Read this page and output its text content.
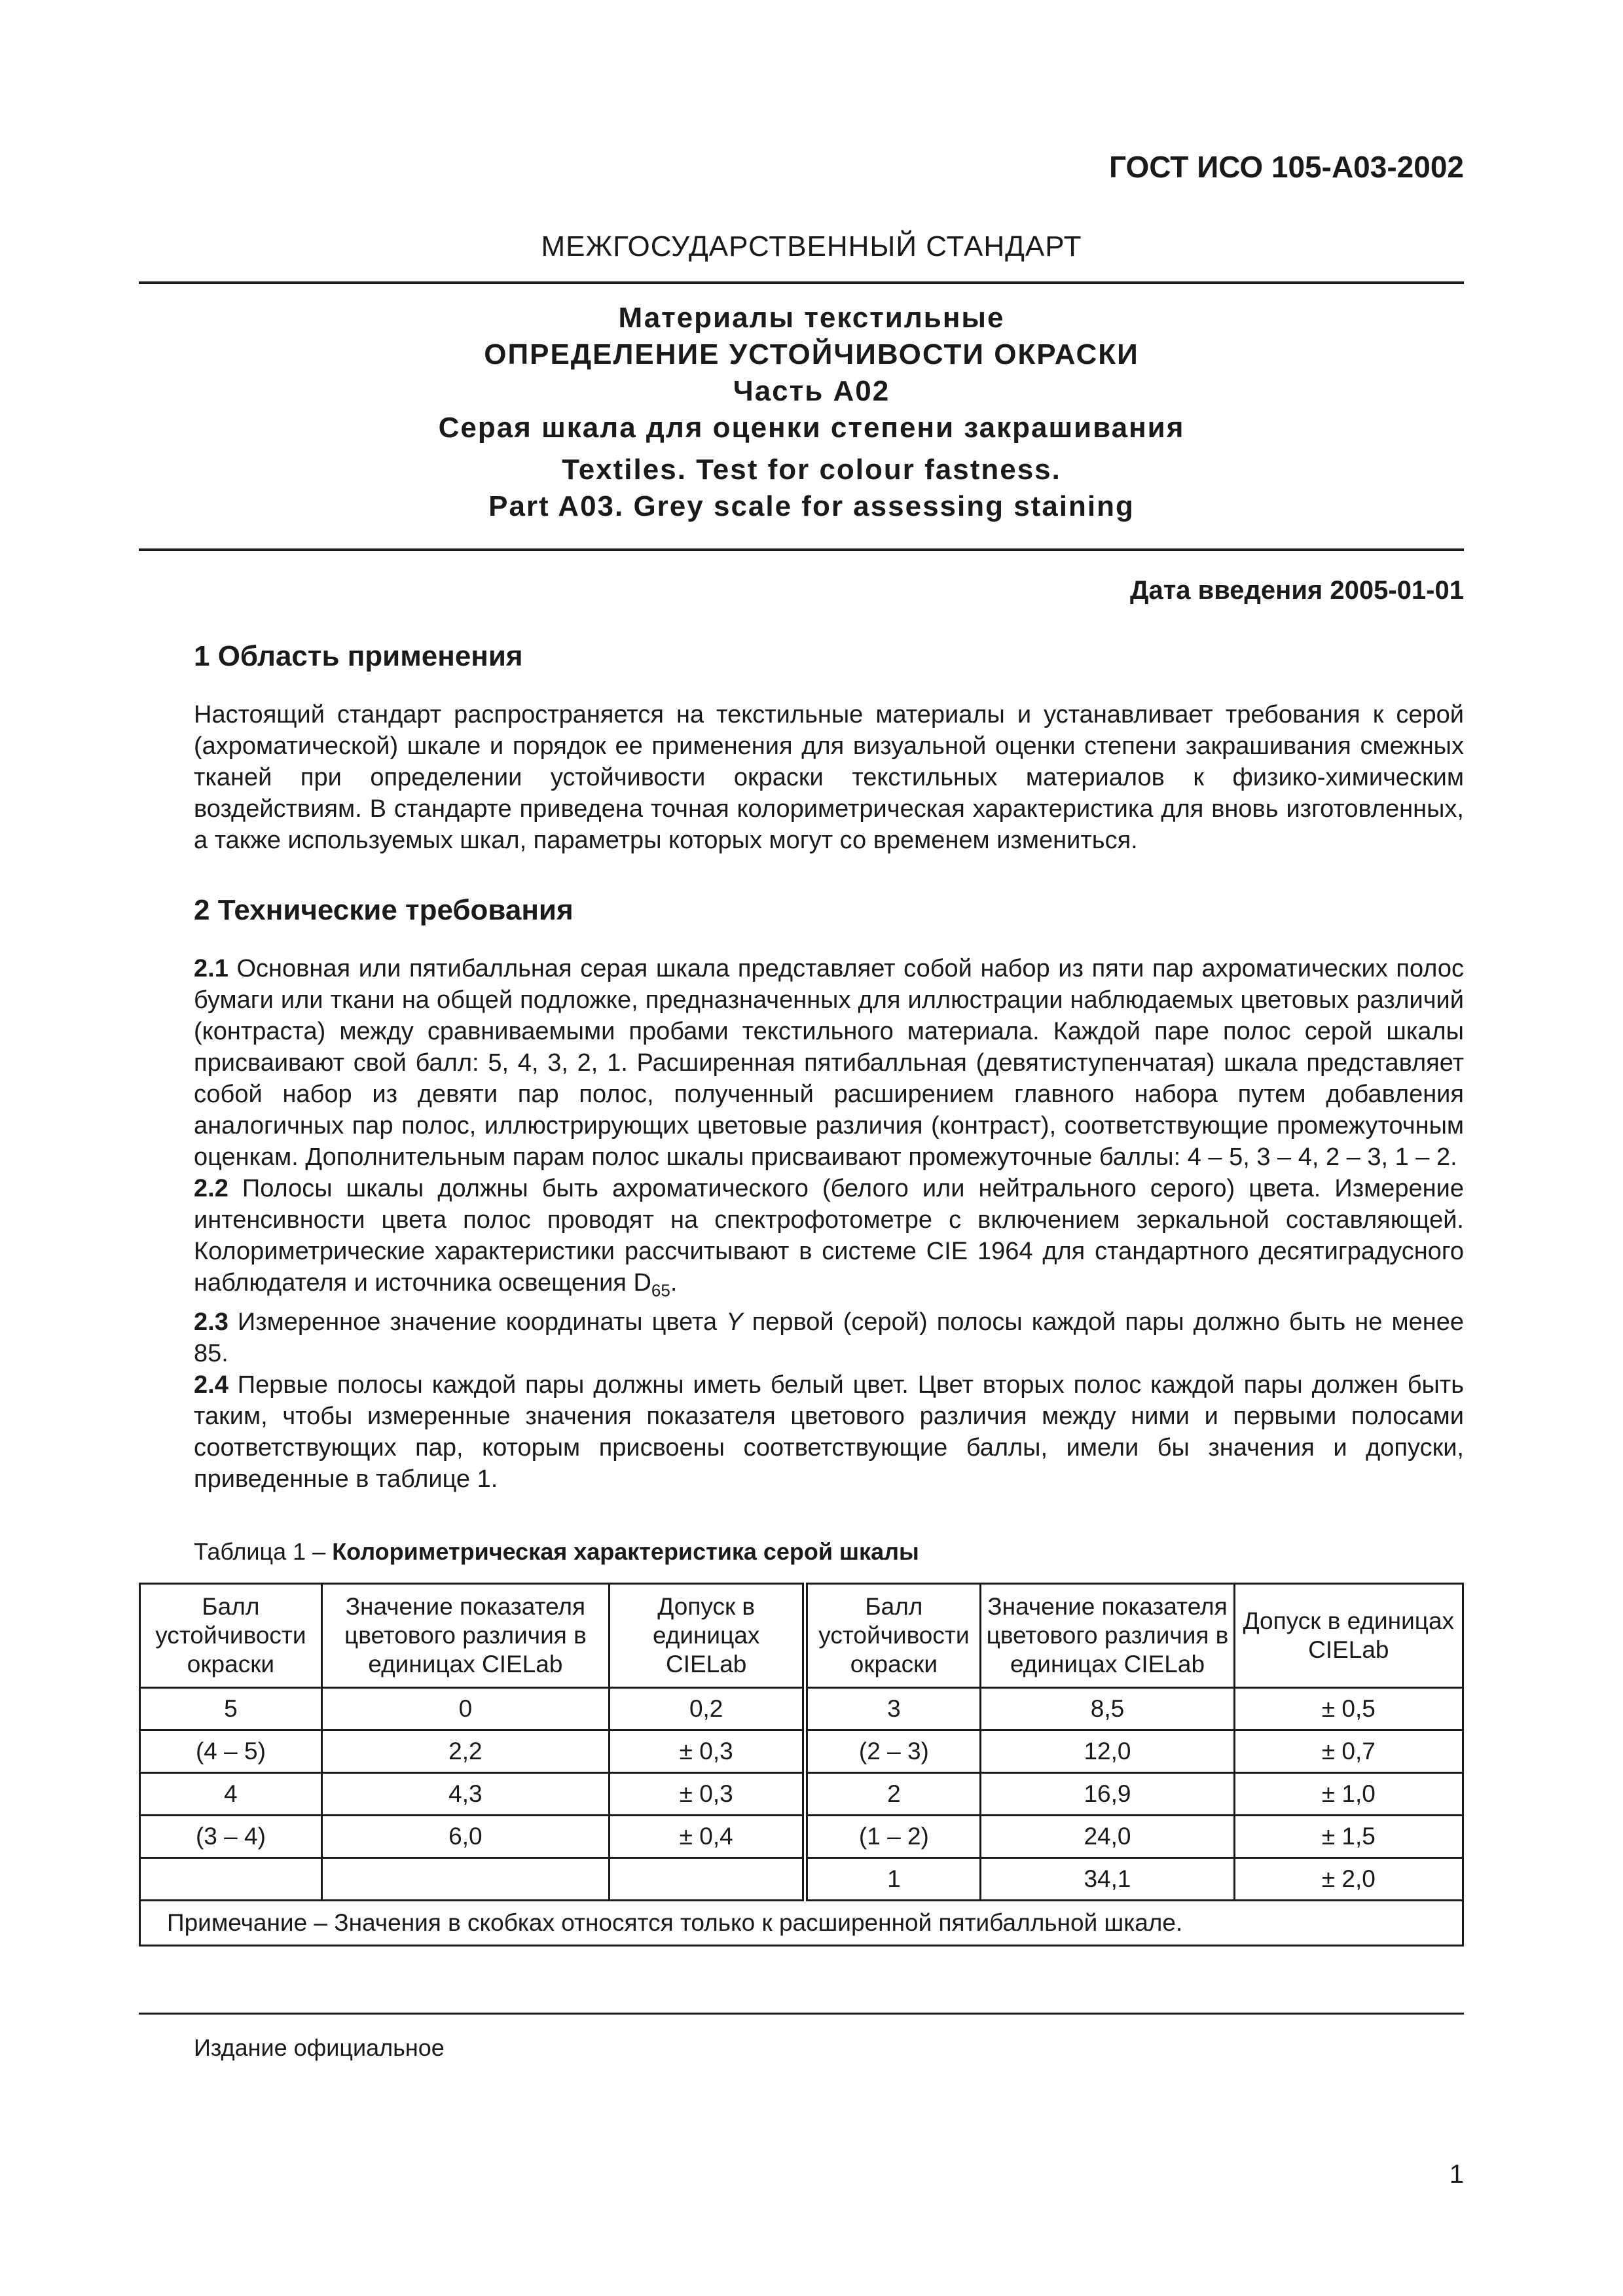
ГОСТ ИСО 105-А03-2002
МЕЖГОСУДАРСТВЕННЫЙ СТАНДАРТ
Материалы текстильные
ОПРЕДЕЛЕНИЕ УСТОЙЧИВОСТИ ОКРАСКИ
Часть А02
Серая шкала для оценки степени закрашивания
Textiles. Test for colour fastness.
Part A03. Grey scale for assessing staining
Дата введения 2005-01-01
1 Область применения

Настоящий стандарт распространяется на текстильные материалы и устанавливает требования к серой (ахроматической) шкале и порядок ее применения для визуальной оценки степени закрашивания смежных тканей при определении устойчивости окраски текстильных материалов к физико-химическим воздействиям. В стандарте приведена точная колориметрическая характеристика для вновь изготовленных, а также используемых шкал, параметры которых могут со временем измениться.

2 Технические требования

2.1 Основная или пятибалльная серая шкала представляет собой набор из пяти пар ахроматических полос бумаги или ткани на общей подложке, предназначенных для иллюстрации наблюдаемых цветовых различий (контраста) между сравниваемыми пробами текстильного материала. Каждой паре полос серой шкалы присваивают свой балл: 5, 4, 3, 2, 1. Расширенная пятибалльная (девятиступенчатая) шкала представляет собой набор из девяти пар полос, полученный расширением главного набора путем добавления аналогичных пар полос, иллюстрирующих цветовые различия (контраст), соответствующие промежуточным оценкам. Дополнительным парам полос шкалы присваивают промежуточные баллы: 4 – 5, 3 – 4, 2 – 3, 1 – 2.

2.2 Полосы шкалы должны быть ахроматического (белого или нейтрального серого) цвета. Измерение интенсивности цвета полос проводят на спектрофотометре с включением зеркальной составляющей. Колориметрические характеристики рассчитывают в системе CIE 1964 для стандартного десятиградусного наблюдателя и источника освещения $D_{65}$.

2.3 Измеренное значение координаты цвета Y первой (серой) полосы каждой пары должно быть не менее 85.

2.4 Первые полосы каждой пары должны иметь белый цвет. Цвет вторых полос каждой пары должен быть таким, чтобы измеренные значения показателя цветового различия между ними и первыми полосами соответствующих пар, которым присвоены соответствующие баллы, имели бы значения и допуски, приведенные в таблице 1.

Таблица 1 – Колориметрическая характеристика серой шкалы
Балл устойчивости окраски	Значение показателя цветового различия в единицах CIELab	Допуск в единицах CIELab	Балл устойчивости окраски	Значение показателя цветового различия в единицах CIELab	Допуск в единицах CIELab
5	0	0,2	3	8,5	± 0,5
(4 – 5)	2,2	± 0,3	(2 – 3)	12,0	± 0,7
4	4,3	± 0,3	2	16,9	± 1,0
(3 – 4)	6,0	± 0,4	(1 – 2)	24,0	± 1,5
			1	34,1	± 2,0
Примечание – Значения в скобках относятся только к расширенной пятибалльной шкале.					
Издание официальное
1
